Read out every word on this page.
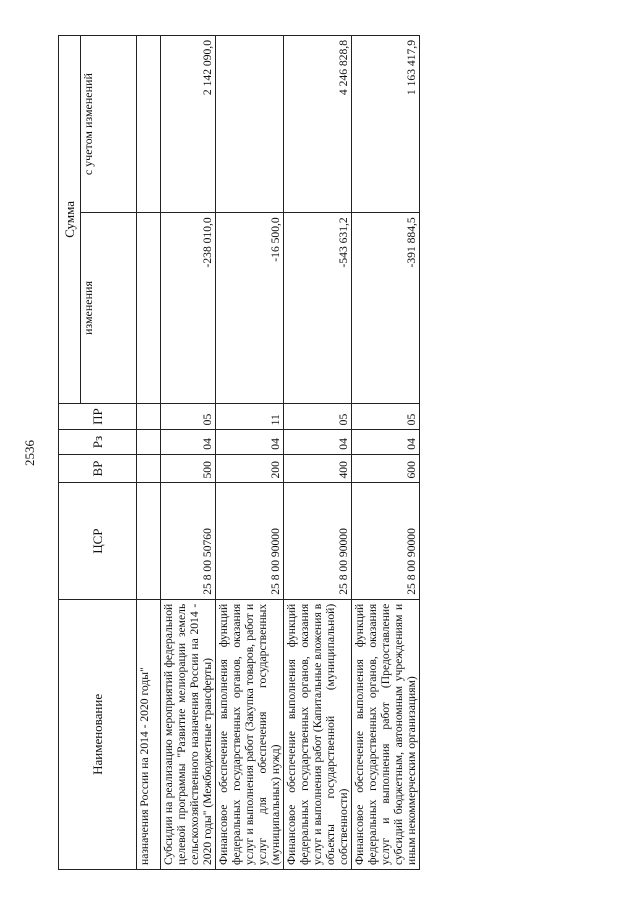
2536
Наименование	ЦСР	ВР	Рз	ПР	Сумма	
					изменения	с учетом изменений
назначения России на 2014 - 2020 годы"						
Субсидии на реализацию мероприятий федеральной целевой программы "Развитие мелиорации земель сельскохозяйственного назначения России на 2014 - 2020 годы" (Межбюджетные трансферты)	25 8 00 50760	500	04	05	-238 010,0	2 142 090,0
Финансовое обеспечение выполнения функций федеральных государственных органов, оказания услуг и выполнения работ (Закупка товаров, работ и услуг для обеспечения государственных (муниципальных) нужд)	25 8 00 90000	200	04	11	-16 500,0	
Финансовое обеспечение выполнения функций федеральных государственных органов, оказания услуг и выполнения работ (Капитальные вложения в объекты государственной (муниципальной) собственности)	25 8 00 90000	400	04	05	-543 631,2	4 246 828,8
Финансовое обеспечение выполнения функций федеральных государственных органов, оказания услуг и выполнения работ (Предоставление субсидий бюджетным, автономным учреждениям и иным некоммерческим организациям)	25 8 00 90000	600	04	05	-391 884,5	1 163 417,9
